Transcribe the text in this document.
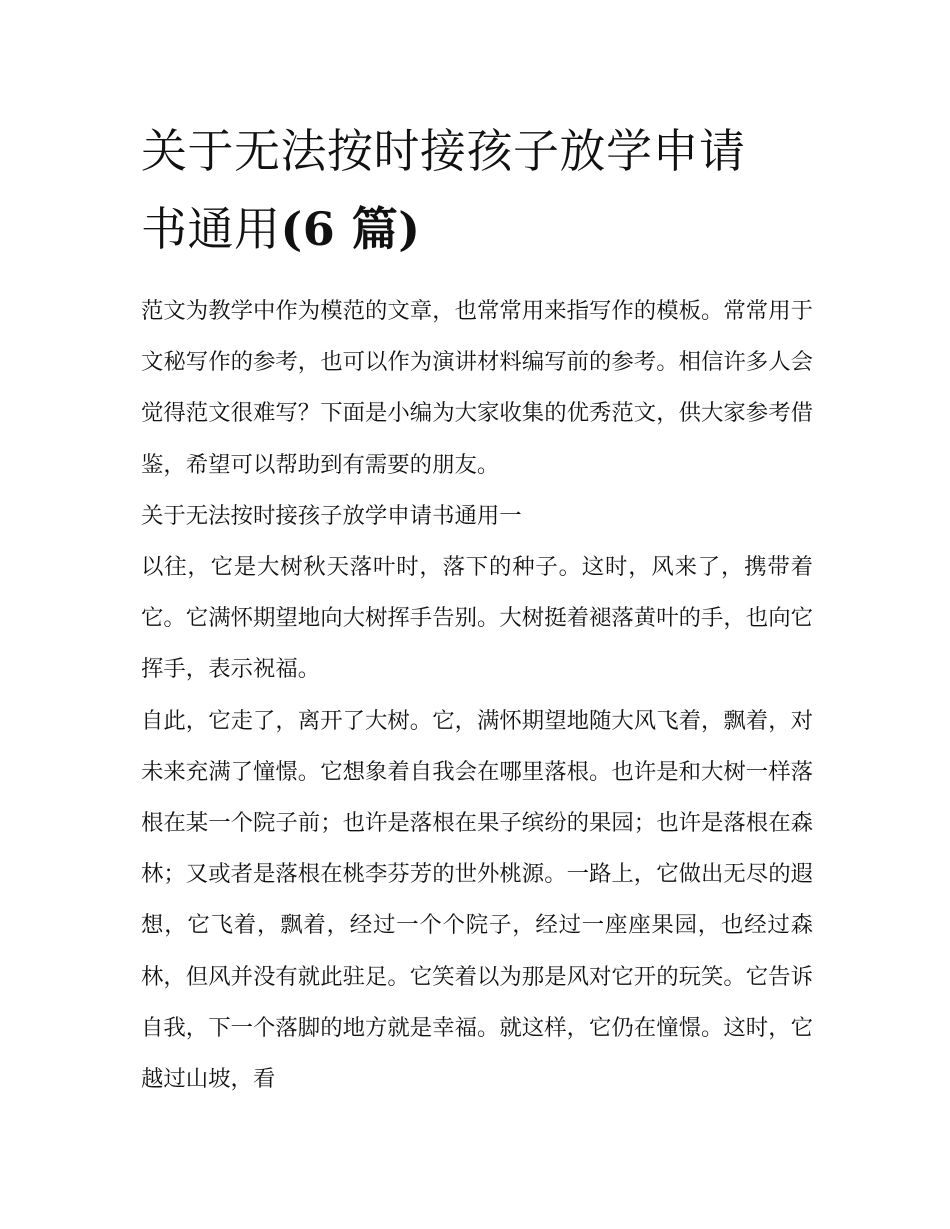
关于无法按时接孩子放学申请
书通用(6 篇)

范文为教学中作为模范的文章，也常常用来指写作的模板。常常用于文秘写作的参考，也可以作为演讲材料编写前的参考。相信许多人会觉得范文很难写？下面是小编为大家收集的优秀范文，供大家参考借鉴，希望可以帮助到有需要的朋友。

关于无法按时接孩子放学申请书通用一

以往，它是大树秋天落叶时，落下的种子。这时，风来了，携带着它。它满怀期望地向大树挥手告别。大树挺着褪落黄叶的手，也向它挥手，表示祝福。

自此，它走了，离开了大树。它，满怀期望地随大风飞着，飘着，对未来充满了憧憬。它想象着自我会在哪里落根。也许是和大树一样落根在某一个院子前；也许是落根在果子缤纷的果园；也许是落根在森林；又或者是落根在桃李芬芳的世外桃源。一路上，它做出无尽的遐想，它飞着，飘着，经过一个个院子，经过一座座果园，也经过森林，但风并没有就此驻足。它笑着以为那是风对它开的玩笑。它告诉自我，下一个落脚的地方就是幸福。就这样，它仍在憧憬。这时，它越过山坡，看
